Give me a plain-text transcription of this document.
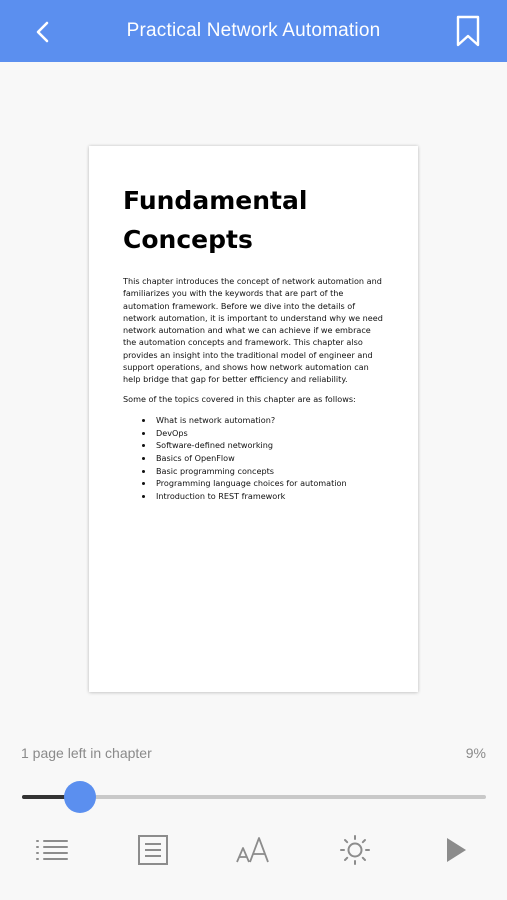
Practical Network Automation
Fundamental Concepts

This chapter introduces the concept of network automation and familiarizes you with the keywords that are part of the automation framework. Before we dive into the details of network automation, it is important to understand why we need network automation and what we can achieve if we embrace the automation concepts and framework. This chapter also provides an insight into the traditional model of engineer and support operations, and shows how network automation can help bridge that gap for better efficiency and reliability.

Some of the topics covered in this chapter are as follows:

• What is network automation?
• DevOps
• Software-defined networking
• Basics of OpenFlow
• Basic programming concepts
• Programming language choices for automation
• Introduction to REST framework
1 page left in chapter	9%
